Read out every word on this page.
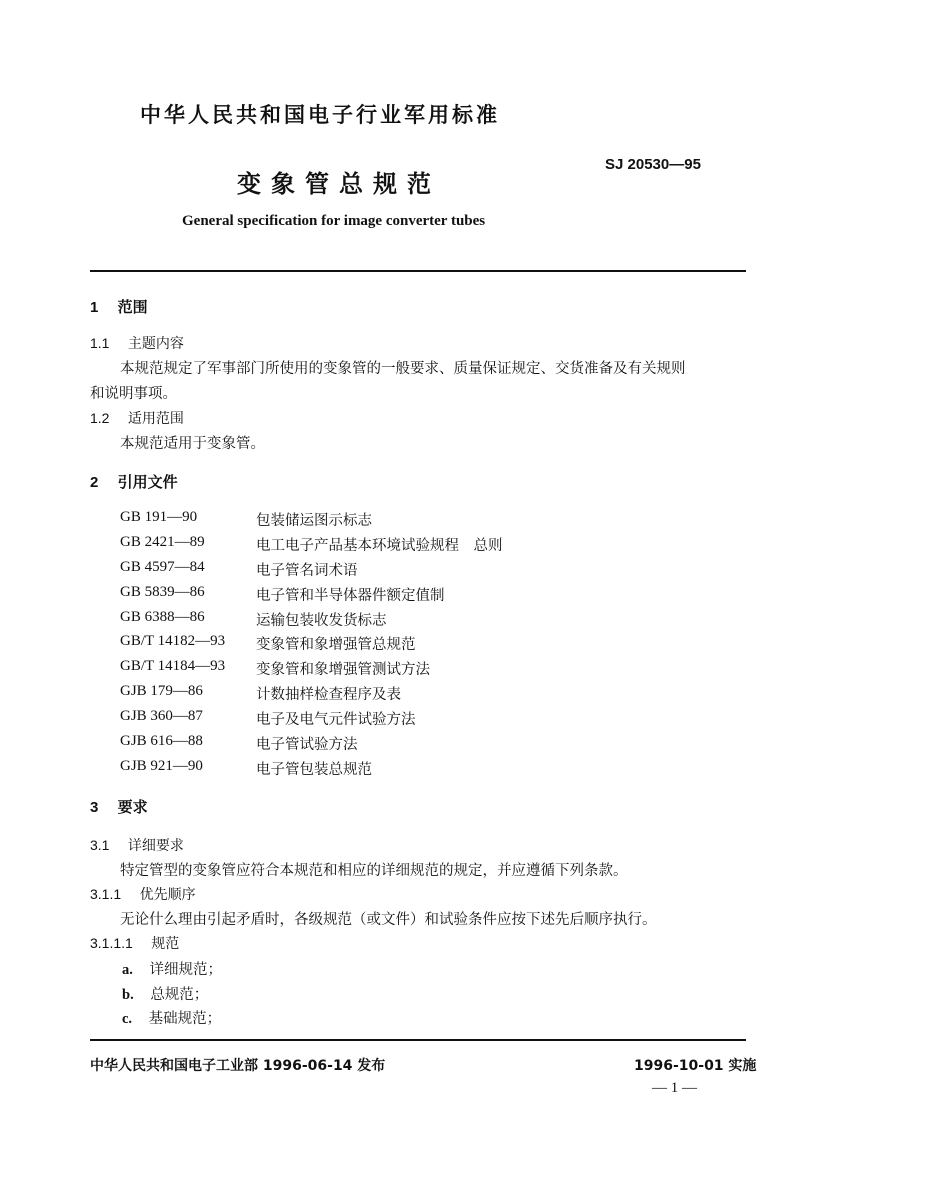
中华人民共和国电子行业军用标准
变象管总规范
SJ 20530—95
General specification for image converter tubes
1 范围
1.1 主题内容
本规范规定了军事部门所使用的变象管的一般要求、质量保证规定、交货准备及有关规则
和说明事项。
1.2 适用范围
本规范适用于变象管。
2 引用文件
GB 191—90	包装储运图示标志
GB 2421—89	电工电子产品基本环境试验规程　总则
GB 4597—84	电子管名词术语
GB 5839—86	电子管和半导体器件额定值制
GB 6388—86	运输包装收发货标志
GB/T 14182—93 变象管和象增强管总规范
GB/T 14184—93 变象管和象增强管测试方法
GJB 179—86	计数抽样检查程序及表
GJB 360—87	电子及电气元件试验方法
GJB 616—88	电子管试验方法
GJB 921—90	电子管包装总规范
3 要求
3.1 详细要求
特定管型的变象管应符合本规范和相应的详细规范的规定，并应遵循下列条款。
3.1.1 优先顺序
无论什么理由引起矛盾时，各级规范（或文件）和试验条件应按下述先后顺序执行。
3.1.1.1 规范
a. 详细规范；
b. 总规范；
c. 基础规范；
中华人民共和国电子工业部 1996-06-14 发布	1996-10-01 实施
— 1 —
